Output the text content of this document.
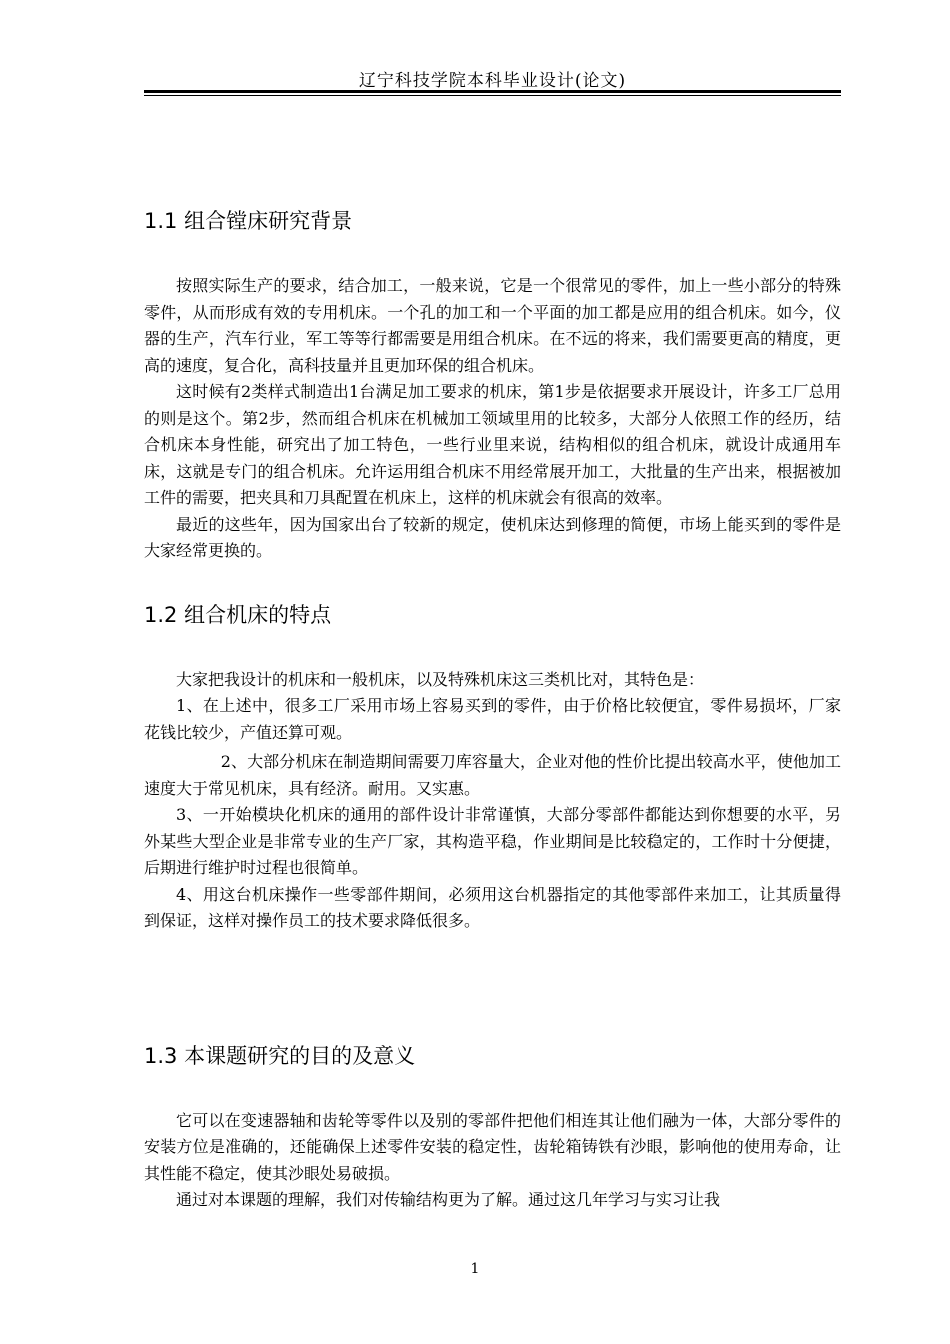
辽宁科技学院本科毕业设计(论文)
1.1 组合镗床研究背景

按照实际生产的要求，结合加工，一般来说，它是一个很常见的零件，加上一些小部分的特殊零件，从而形成有效的专用机床。一个孔的加工和一个平面的加工都是应用的组合机床。如今，仪器的生产，汽车行业，军工等等行都需要是用组合机床。在不远的将来，我们需要更高的精度，更高的速度，复合化，高科技量并且更加环保的组合机床。

这时候有2类样式制造出1台满足加工要求的机床，第1步是依据要求开展设计，许多工厂总用的则是这个。第2步，然而组合机床在机械加工领域里用的比较多，大部分人依照工作的经历，结合机床本身性能，研究出了加工特色，一些行业里来说，结构相似的组合机床，就设计成通用车床，这就是专门的组合机床。允许运用组合机床不用经常展开加工，大批量的生产出来，根据被加工件的需要，把夹具和刀具配置在机床上，这样的机床就会有很高的效率。

最近的这些年，因为国家出台了较新的规定，使机床达到修理的简便，市场上能买到的零件是大家经常更换的。

1.2 组合机床的特点

大家把我设计的机床和一般机床，以及特殊机床这三类机比对，其特色是：

1、在上述中，很多工厂采用市场上容易买到的零件，由于价格比较便宜，零件易损坏，厂家花钱比较少，产值还算可观。

2、大部分机床在制造期间需要刀库容量大，企业对他的性价比提出较高水平，使他加工速度大于常见机床，具有经济。耐用。又实惠。

3、一开始模块化机床的通用的部件设计非常谨慎，大部分零部件都能达到你想要的水平，另外某些大型企业是非常专业的生产厂家，其构造平稳，作业期间是比较稳定的，工作时十分便捷，后期进行维护时过程也很简单。

4、用这台机床操作一些零部件期间，必须用这台机器指定的其他零部件来加工，让其质量得到保证，这样对操作员工的技术要求降低很多。

1.3 本课题研究的目的及意义

它可以在变速器轴和齿轮等零件以及别的零部件把他们相连其让他们融为一体，大部分零件的安装方位是准确的，还能确保上述零件安装的稳定性，齿轮箱铸铁有沙眼，影响他的使用寿命，让其性能不稳定，使其沙眼处易破损。

通过对本课题的理解，我们对传输结构更为了解。通过这几年学习与实习让我

1
